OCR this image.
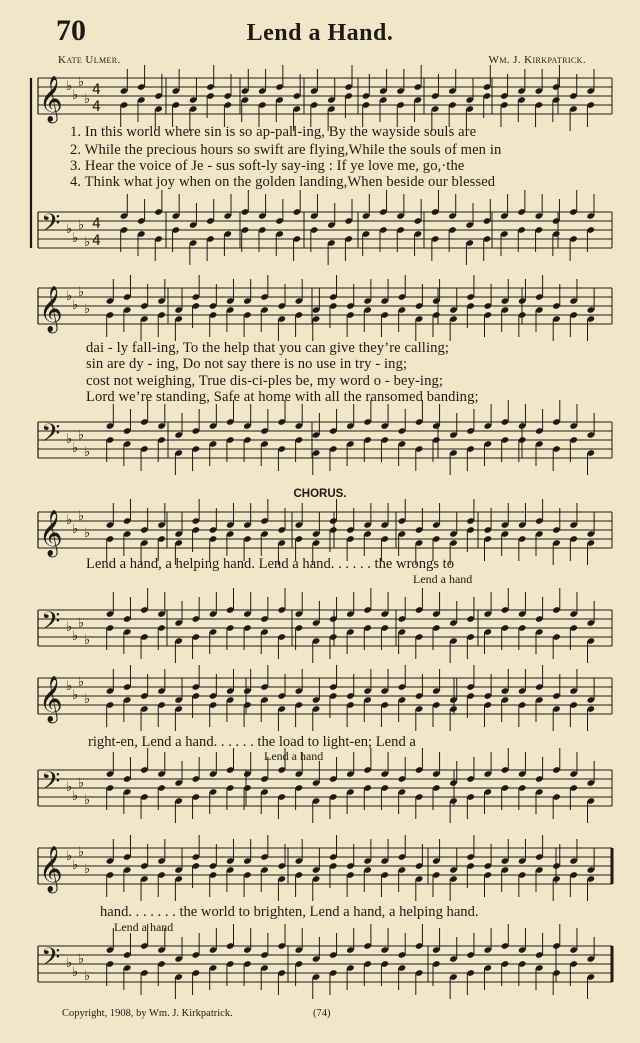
70	Lend a Hand.
Kate Ulmer.	Wm. J. Kirkpatrick.
𝄞
𝄢
♭
♭
♭
♭
♭
♭
♭
♭
4
4
4
4
𝄞
𝄢
♭
♭
♭
♭
♭
♭
♭
♭
𝄞
𝄢
♭
♭
♭
♭
♭
♭
♭
♭
𝄞
𝄢
♭
♭
♭
♭
♭
♭
♭
♭
𝄞
𝄢
♭
♭
♭
♭
♭
♭
♭
♭
1. In this world where sin is so ap-pall-ing, By the wayside souls are
2. While the precious hours so swift are flying,While the souls of men in
3. Hear the voice of Je - sus soft-ly say-ing : If ye love me, go,·the
4. Think what joy when on the golden landing,When beside our blessed
dai - ly fall-ing, To the help that you can give they’re calling;
sin are dy - ing, Do not say there is no use in try - ing;
cost not weighing, True dis-ci-ples be, my word o - bey-ing;
Lord we’re standing, Safe at home with all the ransomed banding;
CHORUS.
Lend a hand, a helping hand. Lend a hand. . . . . . the wrongs to
Lend a hand
right-en, Lend a hand. . . . . . the load to light-en; Lend a
Lend a hand
hand. . . . . . . the world to brighten, Lend a hand, a helping hand.
Lend a hand
Copyright, 1908, by Wm. J. Kirkpatrick.	(74)
